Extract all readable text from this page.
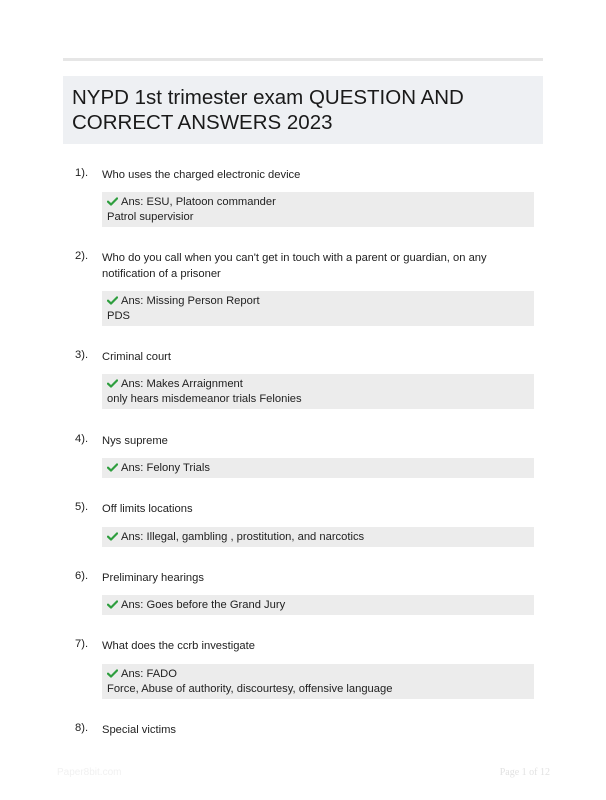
NYPD 1st trimester exam QUESTION AND CORRECT ANSWERS 2023
1). Who uses the charged electronic device
Ans: ESU, Platoon commander
Patrol supervisior
2). Who do you call when you can't get in touch with a parent or guardian, on any notification of a prisoner
Ans: Missing Person Report
PDS
3). Criminal court
Ans: Makes Arraignment
only hears misdemeanor trials Felonies
4). Nys supreme
Ans: Felony Trials
5). Off limits locations
Ans: Illegal, gambling , prostitution, and narcotics
6). Preliminary hearings
Ans: Goes before the Grand Jury
7). What does the ccrb investigate
Ans: FADO
Force, Abuse of authority, discourtesy, offensive language
8). Special victims
Paper8bit.com	Page 1 of 12
